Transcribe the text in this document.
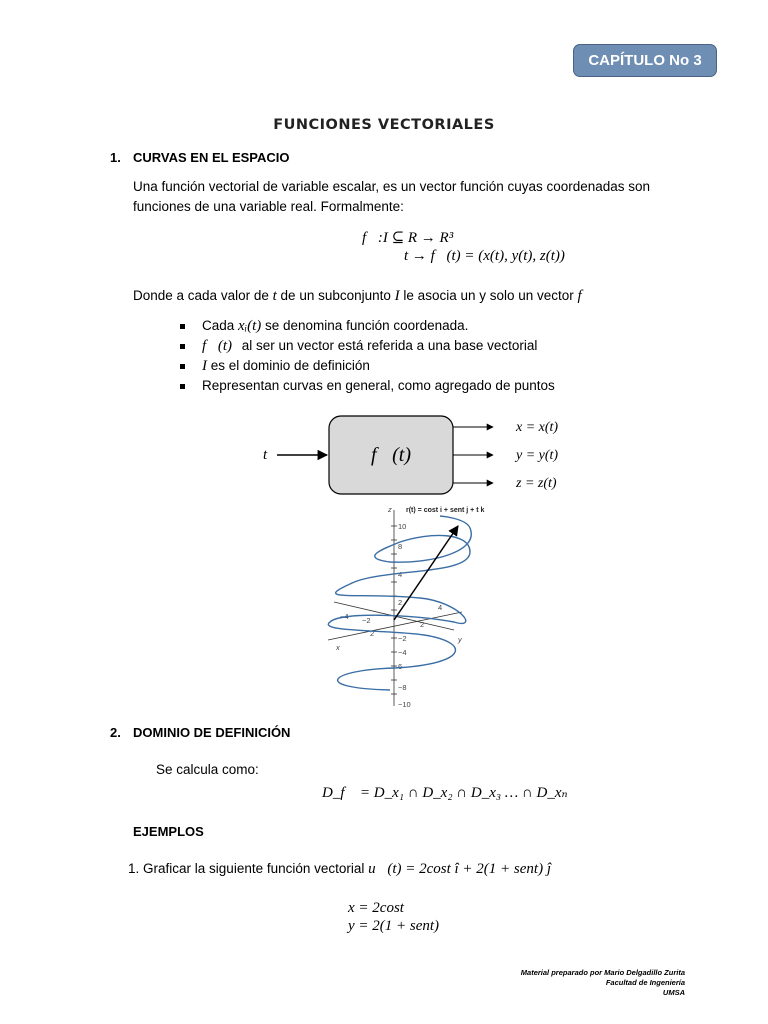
CAPÍTULO No 3
FUNCIONES VECTORIALES
1. CURVAS EN EL ESPACIO
Una función vectorial de variable escalar, es un vector función cuyas coordenadas son
funciones de una variable real. Formalmente:
f⃗:I ⊆ R → R³
t → f⃗(t) = (x(t), y(t), z(t))
Donde a cada valor de t de un subconjunto I le asocia un y solo un vector f⃗
Cada xᵢ(t) se denomina función coordenada.
f⃗(t) al ser un vector está referida a una base vectorial
I es el dominio de definición
Representan curvas en general, como agregado de puntos
t	f⃗(t)
x = x(t)
y = y(t)
z = z(t)
10
8
4
2
−2
−4
6
−8
−10
−4 −2	2
4
2
z
x
y
r(t) = cost i + sent j + t k
2. DOMINIO DE DEFINICIÓN
Se calcula como:
D_f⃗ = D_x₁ ∩ D_x₂ ∩ D_x₃ … ∩ D_xₙ
EJEMPLOS
1. Graficar la siguiente función vectorial u⃗(t) = 2cost î + 2(1 + sent) ĵ
x = 2cost
y = 2(1 + sent)
Material preparado por Mario Delgadillo Zurita
Facultad de Ingeniería
UMSA
